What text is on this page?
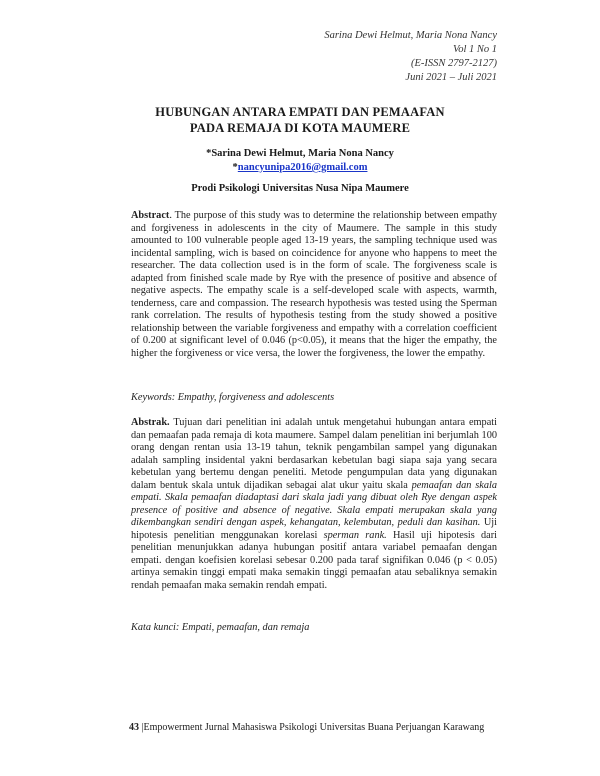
Sarina Dewi Helmut, Maria Nona Nancy
Vol 1 No 1
(E-ISSN 2797-2127)
Juni 2021 – Juli 2021
HUBUNGAN ANTARA EMPATI DAN PEMAAFAN
PADA REMAJA DI KOTA MAUMERE
*Sarina Dewi Helmut, Maria Nona Nancy
*nancyunipa2016@gmail.com
Prodi Psikologi Universitas Nusa Nipa Maumere
Abstract. The purpose of this study was to determine the relationship between empathy and forgiveness in adolescents in the city of Maumere. The sample in this study amounted to 100 vulnerable people aged 13-19 years, the sampling technique used was incidental sampling, wich is based on coincidence for anyone who happens to meet the researcher. The data collection used is in the form of scale. The forgiveness scale is adapted from finished scale made by Rye with the presence of positive and absence of negative aspects. The empathy scale is a self-developed scale with aspects, warmth, tenderness, care and compassion. The research hypothesis was tested using the Sperman rank correlation. The results of hypothesis testing from the study showed a positive relationship between the variable forgiveness and empathy with a correlation coefficient of 0.200 at significant level of 0.046 (p<0.05), it means that the higer the empathy, the higher the forgiveness or vice versa, the lower the forgiveness, the lower the empathy.
Keywords: Empathy, forgiveness and adolescents
Abstrak. Tujuan dari penelitian ini adalah untuk mengetahui hubungan antara empati dan pemaafan pada remaja di kota maumere. Sampel dalam penelitian ini berjumlah 100 orang dengan rentan usia 13-19 tahun, teknik pengambilan sampel yang digunakan adalah sampling insidental yakni berdasarkan kebetulan bagi siapa saja yang secara kebetulan yang bertemu dengan peneliti. Metode pengumpulan data yang digunakan dalam bentuk skala untuk dijadikan sebagai alat ukur yaitu skala pemaafan dan skala empati. Skala pemaafan diadaptasi dari skala jadi yang dibuat oleh Rye dengan aspek presence of positive and absence of negative. Skala empati merupakan skala yang dikembangkan sendiri dengan aspek, kehangatan, kelembutan, peduli dan kasihan. Uji hipotesis penelitian menggunakan korelasi sperman rank. Hasil uji hipotesis dari penelitian menunjukkan adanya hubungan positif antara variabel pemaafan dengan empati. dengan koefisien korelasi sebesar 0.200 pada taraf signifikan 0.046 (p < 0.05) artinya semakin tinggi empati maka semakin tinggi pemaafan atau sebaliknya semakin rendah pemaafan maka semakin rendah empati.
Kata kunci: Empati, pemaafan, dan remaja
43 |Empowerment Jurnal Mahasiswa Psikologi Universitas Buana Perjuangan Karawang
